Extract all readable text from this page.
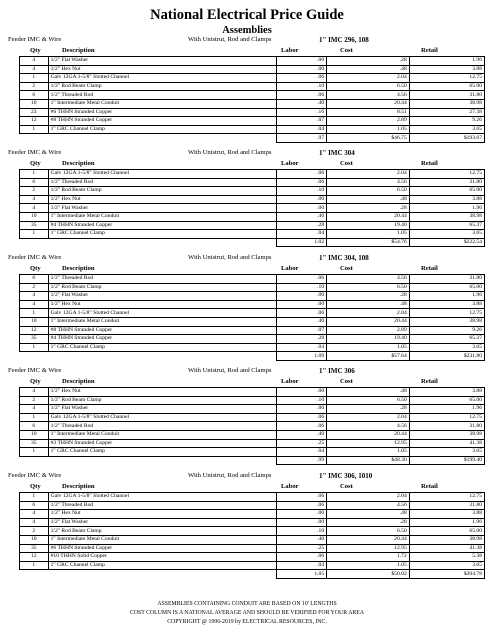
National Electrical Price Guide
Assemblies
Feeder IMC & Wire	With Unistrut, Rod and Clamps	1" IMC 296, 108
Qty	Description	Labor	Cost	Retail
4	1/2" Flat Washer	.00	.28	1.96
4	1/2" Hex Nut	.00	.48	3.88
1	Galv 12GA 1-5/8" Slotted Channel	.06	2.04	12.75
2	1/2" Rod Beam Clamp	.10	6.50	65.00
6	1/2" Threaded Rod	.06	4.56	31.80
10	1" Intermediate Metal Conduit	.40	20.44	38.98
23	#6 THHN Stranded Copper	.16	8.51	27.38
12	#8 THHN Stranded Copper	.07	2.89	9.26
1	1" GRC Channel Clamp	.04	1.05	3.65
		.97	$46.75	$193.67
Feeder IMC & Wire	With Unistrut, Rod and Clamps	1" IMC 304
Qty	Description	Labor	Cost	Retail
1	Galv 12GA 1-5/8" Slotted Channel	.06	2.04	12.75
6	1/2" Threaded Rod	.06	4.56	31.80
2	1/2" Rod Beam Clamp	.10	6.50	65.00
4	1/2" Hex Nut	.00	.48	3.88
4	1/2" Flat Washer	.00	.28	1.96
10	1" Intermediate Metal Conduit	.40	20.44	38.98
35	#4 THHN Stranded Copper	.28	19.40	65.37
1	1" GRC Channel Clamp	.04	1.05	3.65
		1.02	$54.76	$222.54
Feeder IMC & Wire	With Unistrut, Rod and Clamps	1" IMC 304, 108
Qty	Description	Labor	Cost	Retail
6	1/2" Threaded Rod	.06	4.56	31.80
2	1/2" Rod Beam Clamp	.10	6.50	65.00
4	1/2" Flat Washer	.00	.28	1.96
4	1/2" Hex Nut	.00	.48	3.88
1	Galv 12GA 1-5/8" Slotted Channel	.06	2.04	12.75
10	1" Intermediate Metal Conduit	.40	20.44	38.98
12	#8 THHN Stranded Copper	.07	2.89	9.26
35	#4 THHN Stranded Copper	.28	19.40	65.37
1	1" GRC Channel Clamp	.04	1.05	3.65
		1.09	$57.64	$231.80
Feeder IMC & Wire	With Unistrut, Rod and Clamps	1" IMC 306
Qty	Description	Labor	Cost	Retail
4	1/2" Hex Nut	.00	.48	3.88
2	1/2" Rod Beam Clamp	.10	6.50	65.00
4	1/2" Flat Washer	.00	.28	1.96
1	Galv 12GA 1-5/8" Slotted Channel	.06	2.04	12.75
6	1/2" Threaded Rod	.06	4.56	31.80
10	1" Intermediate Metal Conduit	.40	20.44	38.98
35	#3 THHN Stranded Copper	.25	12.95	41.38
1	1" GRC Channel Clamp	.04	1.05	3.65
		.99	$48.30	$199.40
Feeder IMC & Wire	With Unistrut, Rod and Clamps	1" IMC 306, 1010
Qty	Description	Labor	Cost	Retail
1	Galv 12GA 1-5/8" Slotted Channel	.06	2.04	12.75
6	1/2" Threaded Rod	.06	4.56	31.80
4	1/2" Hex Nut	.00	.48	3.88
4	1/2" Flat Washer	.00	.28	1.96
2	1/2" Rod Beam Clamp	.10	6.50	65.00
10	1" Intermediate Metal Conduit	.40	20.44	38.98
35	#6 THHN Stranded Copper	.25	12.95	41.38
12	#10 THHN Solid Copper	.06	1.72	5.38
1	1" GRC Channel Clamp	.04	1.05	3.65
		1.05	$50.02	$204.78
ASSEMBLIES CONTAINING CONDUIT ARE BASED ON 10' LENGTHS
COST COLUMN IS A NATIONAL AVERAGE AND SHOULD BE VERIFIED FOR YOUR AREA
COPYRIGHT @ 1996-2019 by ELECTRICAL RESOURCES, INC.
